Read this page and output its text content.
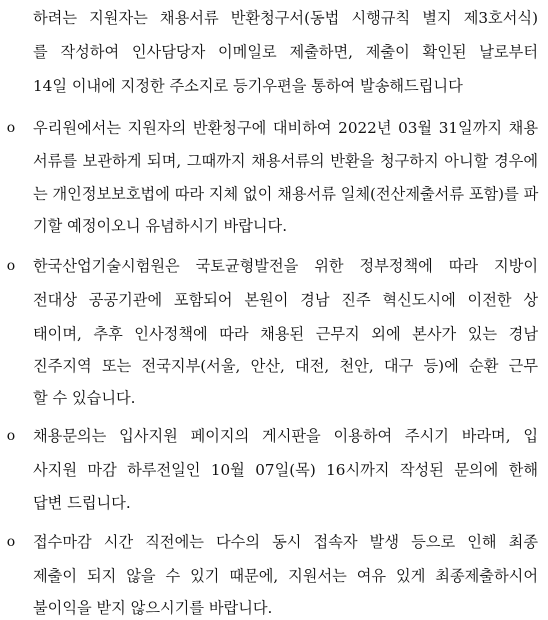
하려는 지원자는 채용서류 반환청구서(동법 시행규칙 별지 제3호서식)
를 작성하여 인사담당자 이메일로 제출하면, 제출이 확인된 날로부터
14일 이내에 지정한 주소지로 등기우편을 통하여 발송해드립니다
o 우리원에서는 지원자의 반환청구에 대비하여 2022년 03월 31일까지 채용
서류를 보관하게 되며, 그때까지 채용서류의 반환을 청구하지 아니할 경우에
는 개인정보보호법에 따라 지체 없이 채용서류 일체(전산제출서류 포함)를 파
기할 예정이오니 유념하시기 바랍니다.
o 한국산업기술시험원은 국토균형발전을 위한 정부정책에 따라 지방이
전대상 공공기관에 포함되어 본원이 경남 진주 혁신도시에 이전한 상
태이며, 추후 인사정책에 따라 채용된 근무지 외에 본사가 있는 경남
진주지역 또는 전국지부(서울, 안산, 대전, 천안, 대구 등)에 순환 근무
할 수 있습니다.
o 채용문의는 입사지원 페이지의 게시판을 이용하여 주시기 바라며, 입
사지원 마감 하루전일인 10월 07일(목) 16시까지 작성된 문의에 한해
답변 드립니다.
o 접수마감 시간 직전에는 다수의 동시 접속자 발생 등으로 인해 최종
제출이 되지 않을 수 있기 때문에, 지원서는 여유 있게 최종제출하시어
불이익을 받지 않으시기를 바랍니다.
